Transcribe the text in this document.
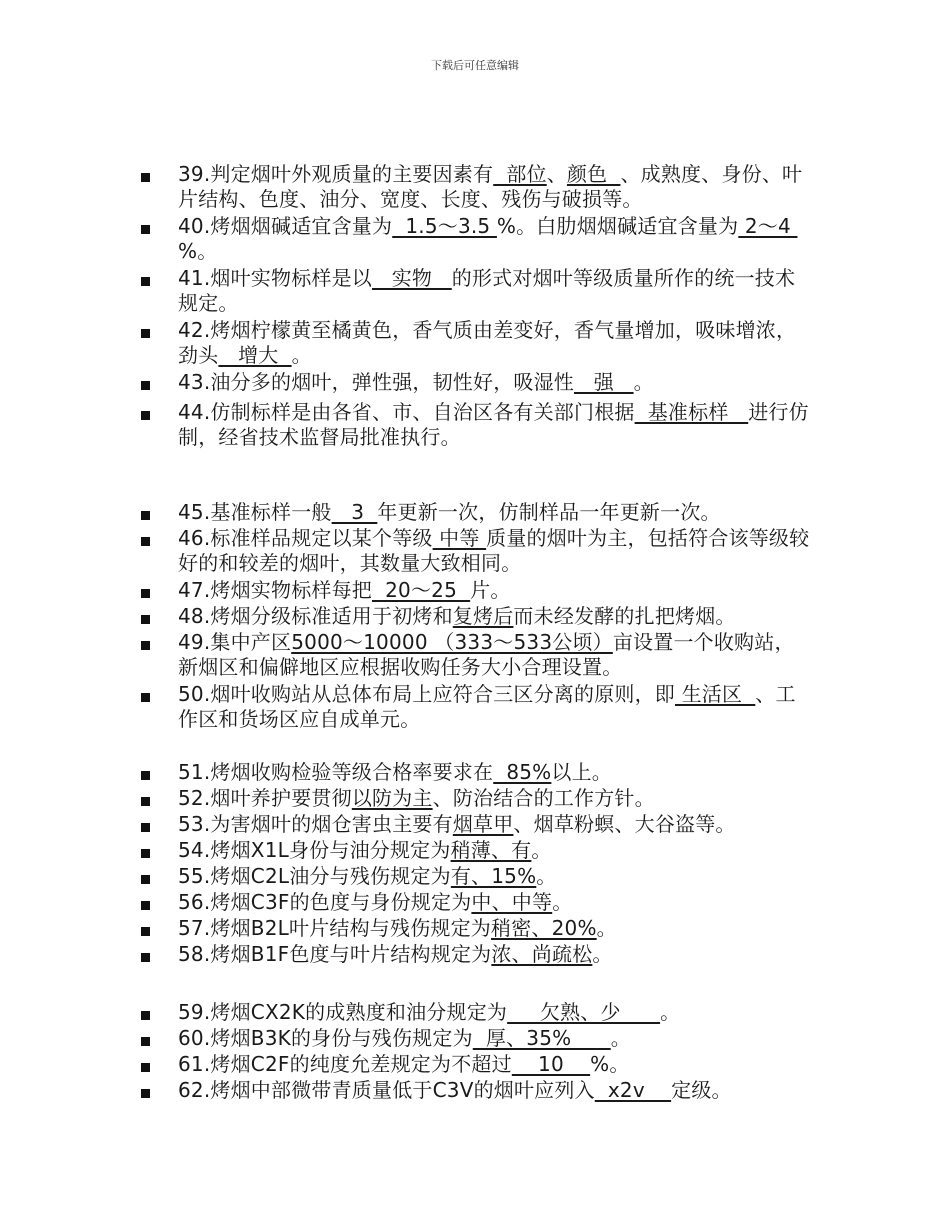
下载后可任意编辑
39.判定烟叶外观质量的主要因素有  部位、颜色  、成熟度、身份、叶片结构、色度、油分、宽度、长度、残伤与破损等。
40.烤烟烟碱适宜含量为  1.5～3.5 %。白肋烟烟碱适宜含量为 2～4 %。
41.烟叶实物标样是以   实物   的形式对烟叶等级质量所作的统一技术规定。
42.烤烟柠檬黄至橘黄色，香气质由差变好，香气量增加，吸味增浓，劲头   增大  。
43.油分多的烟叶，弹性强，韧性好，吸湿性   强   。
44.仿制标样是由各省、市、自治区各有关部门根据  基准标样   进行仿制，经省技术监督局批准执行。
45.基准标样一般   3  年更新一次，仿制样品一年更新一次。
46.标准样品规定以某个等级 中等 质量的烟叶为主，包括符合该等级较好的和较差的烟叶，其数量大致相同。
47.烤烟实物标样每把  20～25  片。
48.烤烟分级标准适用于初烤和复烤后而未经发酵的扎把烤烟。
49.集中产区5000～10000 （333～533公顷）亩设置一个收购站，新烟区和偏僻地区应根据收购任务大小合理设置。
50.烟叶收购站从总体布局上应符合三区分离的原则，即 生活区  、工作区和货场区应自成单元。
51.烤烟收购检验等级合格率要求在  85%以上。
52.烟叶养护要贯彻以防为主、防治结合的工作方针。
53.为害烟叶的烟仓害虫主要有烟草甲、烟草粉螟、大谷盗等。
54.烤烟X1L身份与油分规定为稍薄、有。
55.烤烟C2L油分与残伤规定为有、15%。
56.烤烟C3F的色度与身份规定为中、中等。
57.烤烟B2L叶片结构与残伤规定为稍密、20%。
58.烤烟B1F色度与叶片结构规定为浓、尚疏松。
59.烤烟CX2K的成熟度和油分规定为     欠熟、少      。
60.烤烟B3K的身份与残伤规定为  厚、35%      。
61.烤烟C2F的纯度允差规定为不超过    10    %。
62.烤烟中部微带青质量低于C3V的烟叶应列入  x2v    定级。
